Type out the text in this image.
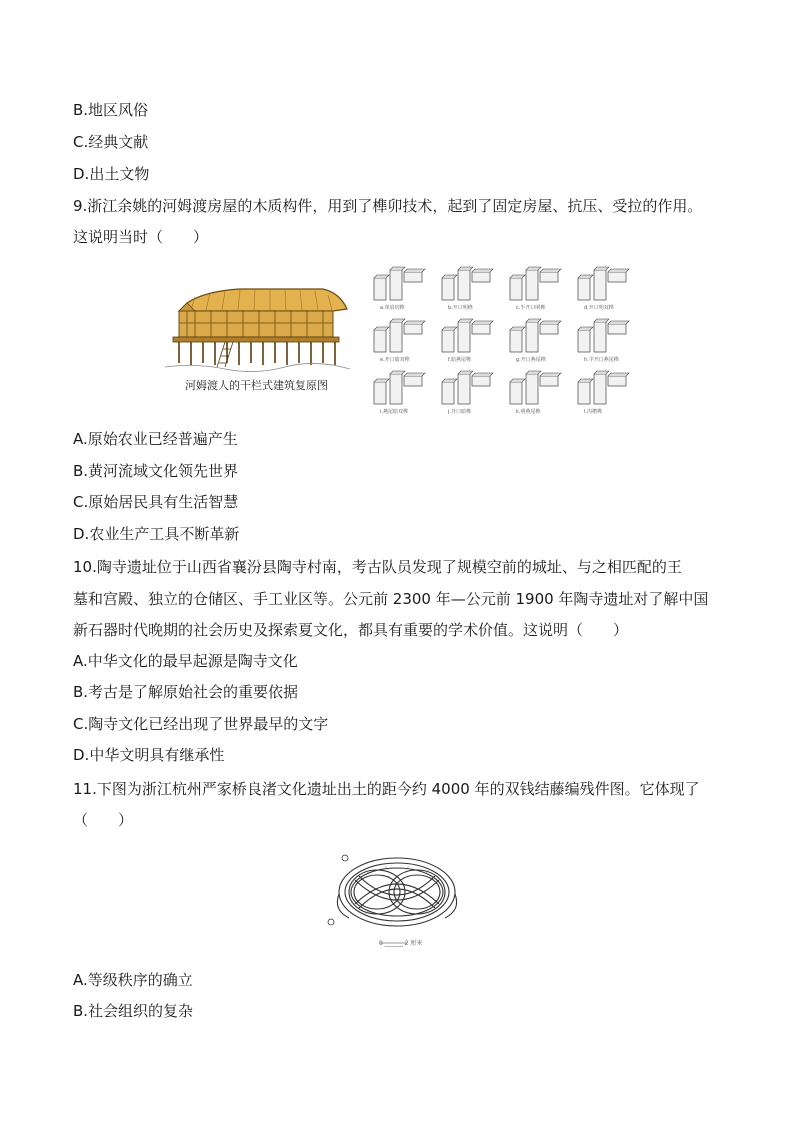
B.地区风俗
C.经典文献
D.出土文物
9.浙江余姚的河姆渡房屋的木质构件，用到了榫卯技术，起到了固定房屋、抗压、受拉的作用。
这说明当时（　　）
河姆渡人的干栏式建筑复原图
a.单肩切榫	b.开口明榫	c.半开口明榫	d.开口明双榫
e.开口暗双榫	f.暗燕尾榫	g.开口燕尾榫	h.半开口燕尾榫
i.燕尾暗双榫	j.开口暗榫	k.明燕尾榫	l.沟槽榫
A.原始农业已经普遍产生
B.黄河流域文化领先世界
C.原始居民具有生活智慧
D.农业生产工具不断革新
10.陶寺遗址位于山西省襄汾县陶寺村南，考古队员发现了规模空前的城址、与之相匹配的王
墓和宫殿、独立的仓储区、手工业区等。公元前 2300 年—公元前 1900 年陶寺遗址对了解中国
新石器时代晚期的社会历史及探索夏文化，都具有重要的学术价值。这说明（　　）
A.中华文化的最早起源是陶寺文化
B.考古是了解原始社会的重要依据
C.陶寺文化已经出现了世界最早的文字
D.中华文明具有继承性
11.下图为浙江杭州严家桥良渚文化遗址出土的距今约 4000 年的双钱结藤编残件图。它体现了
（　　）
0 ______ 2 厘米
A.等级秩序的确立
B.社会组织的复杂
